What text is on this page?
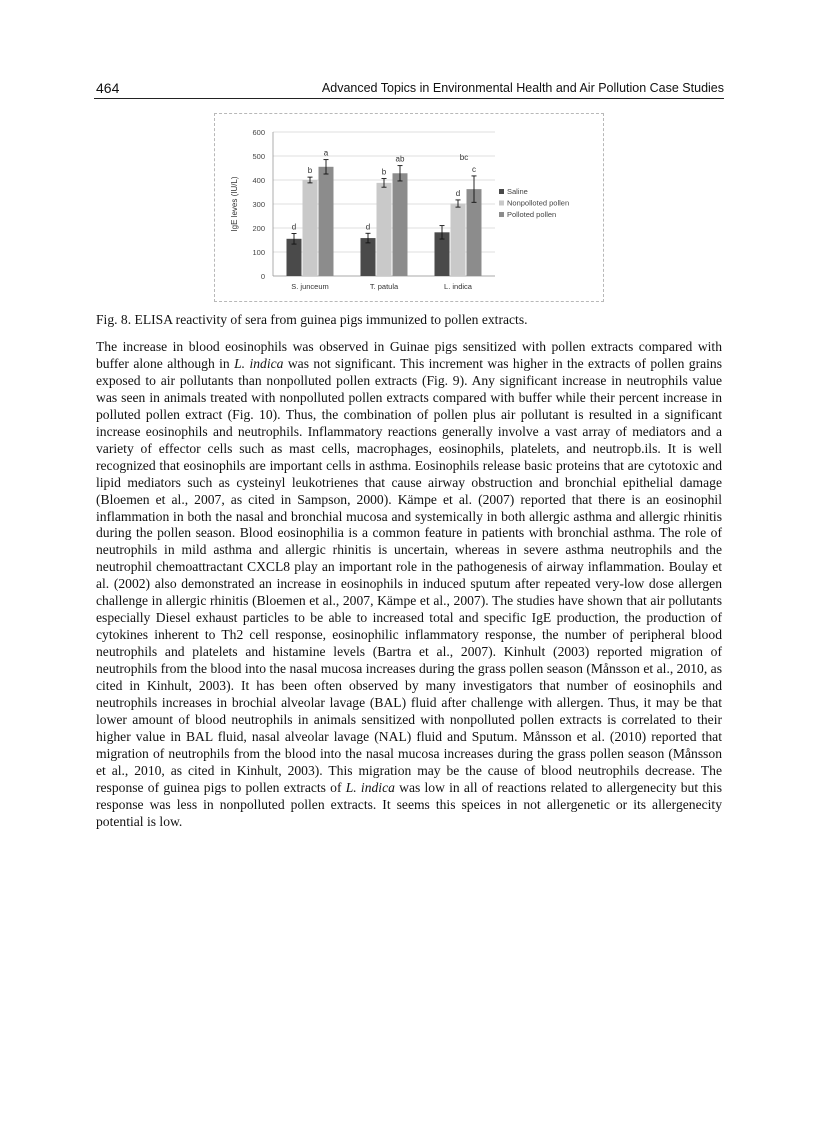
464	Advanced Topics in Environmental Health and Air Pollution Case Studies
0
100
200
300
400
500
600
IgE leves (IU/L)
S. junceum
d
b
a
T. patula
d
b
ab
L. indica
d
c
bc
Saline
Nonpolloted pollen
Polloted pollen
Fig. 8. ELISA reactivity of sera from guinea pigs immunized to pollen extracts.

The increase in blood eosinophils was observed in Guinae pigs sensitized with pollen extracts compared with buffer alone although in L. indica was not significant. This increment was higher in the extracts of pollen grains exposed to air pollutants than nonpolluted pollen extracts (Fig. 9). Any significant increase in neutrophils value was seen in animals treated with nonpolluted pollen extracts compared with buffer while their percent increase in polluted pollen extract (Fig. 10). Thus, the combination of pollen plus air pollutant is resulted in a significant increase eosinophils and neutrophils. Inflammatory reactions generally involve a vast array of mediators and a variety of effector cells such as mast cells, macrophages, eosinophils, platelets, and neutropb.ils. It is well recognized that eosinophils are important cells in asthma. Eosinophils release basic proteins that are cytotoxic and lipid mediators such as cysteinyl leukotrienes that cause airway obstruction and bronchial epithelial damage (Bloemen et al., 2007, as cited in Sampson, 2000). Kämpe et al. (2007) reported that there is an eosinophil inflammation in both the nasal and bronchial mucosa and systemically in both allergic asthma and allergic rhinitis during the pollen season. Blood eosinophilia is a common feature in patients with bronchial asthma. The role of neutrophils in mild asthma and allergic rhinitis is uncertain, whereas in severe asthma neutrophils and the neutrophil chemoattractant CXCL8 play an important role in the pathogenesis of airway inflammation. Boulay et al. (2002) also demonstrated an increase in eosinophils in induced sputum after repeated very-low dose allergen challenge in allergic rhinitis (Bloemen et al., 2007, Kämpe et al., 2007). The studies have shown that air pollutants especially Diesel exhaust particles to be able to increased total and specific IgE production, the production of cytokines inherent to Th2 cell response, eosinophilic inflammatory response, the number of peripheral blood neutrophils and platelets and histamine levels (Bartra et al., 2007). Kinhult (2003) reported migration of neutrophils from the blood into the nasal mucosa increases during the grass pollen season (Månsson et al., 2010, as cited in Kinhult, 2003). It has been often observed by many investigators that number of eosinophils and neutrophils increases in brochial alveolar lavage (BAL) fluid after challenge with allergen. Thus, it may be that lower amount of blood neutrophils in animals sensitized with nonpolluted pollen extracts is correlated to their higher value in BAL fluid, nasal alveolar lavage (NAL) fluid and Sputum. Månsson et al. (2010) reported that migration of neutrophils from the blood into the nasal mucosa increases during the grass pollen season (Månsson et al., 2010, as cited in Kinhult, 2003). This migration may be the cause of blood neutrophils decrease. The response of guinea pigs to pollen extracts of L. indica was low in all of reactions related to allergenecity but this response was less in nonpolluted pollen extracts. It seems this speices in not allergenetic or its allergenecity potential is low.
